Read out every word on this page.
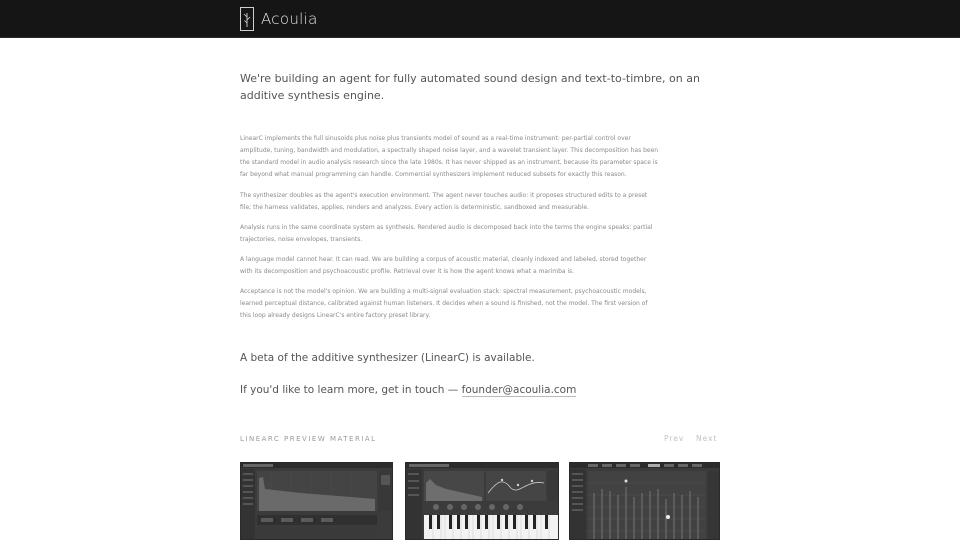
Acoulia
We're building an agent for fully automated sound design and text-to-timbre, on an additive synthesis engine.
LinearC implements the full sinusoids plus noise plus transients model of sound as a real-time instrument: per-partial control over amplitude, tuning, bandwidth and modulation, a spectrally shaped noise layer, and a wavelet transient layer. This decomposition has been the standard model in audio analysis research since the late 1980s. It has never shipped as an instrument, because its parameter space is far beyond what manual programming can handle. Commercial synthesizers implement reduced subsets for exactly this reason.
The synthesizer doubles as the agent's execution environment. The agent never touches audio: it proposes structured edits to a preset file; the harness validates, applies, renders and analyzes. Every action is deterministic, sandboxed and measurable.
Analysis runs in the same coordinate system as synthesis. Rendered audio is decomposed back into the terms the engine speaks: partial trajectories, noise envelopes, transients.
A language model cannot hear. It can read. We are building a corpus of acoustic material, cleanly indexed and labeled, stored together with its decomposition and psychoacoustic profile. Retrieval over it is how the agent knows what a marimba is.
Acceptance is not the model's opinion. We are building a multi-signal evaluation stack: spectral measurement, psychoacoustic models, learned perceptual distance, calibrated against human listeners. It decides when a sound is finished, not the model. The first version of this loop already designs LinearC's entire factory preset library.
A beta of the additive synthesizer (LinearC) is available.
If you'd like to learn more, get in touch — founder@acoulia.com
LINEARC PREVIEW MATERIAL	Prev Next
